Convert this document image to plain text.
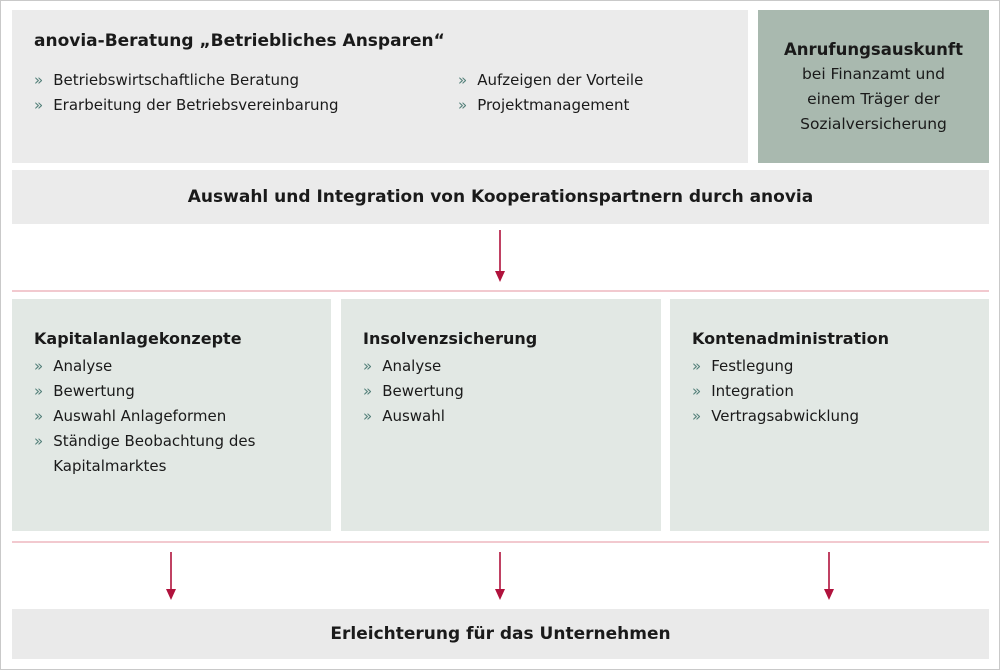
anovia-Beratung „Betriebliches Ansparen“
» Betriebswirtschaftliche Beratung
» Erarbeitung der Betriebsvereinbarung
» Aufzeigen der Vorteile
» Projektmanagement
Anrufungsauskunft
bei Finanzamt und
einem Träger der
Sozialversicherung
Auswahl und Integration von Kooperationspartnern durch anovia
Kapitalanlagekonzepte
» Analyse
» Bewertung
» Auswahl Anlageformen
» Ständige Beobachtung des Kapitalmarktes
Insolvenzsicherung
» Analyse
» Bewertung
» Auswahl
Kontenadministration
» Festlegung
» Integration
» Vertragsabwicklung
Erleichterung für das Unternehmen
